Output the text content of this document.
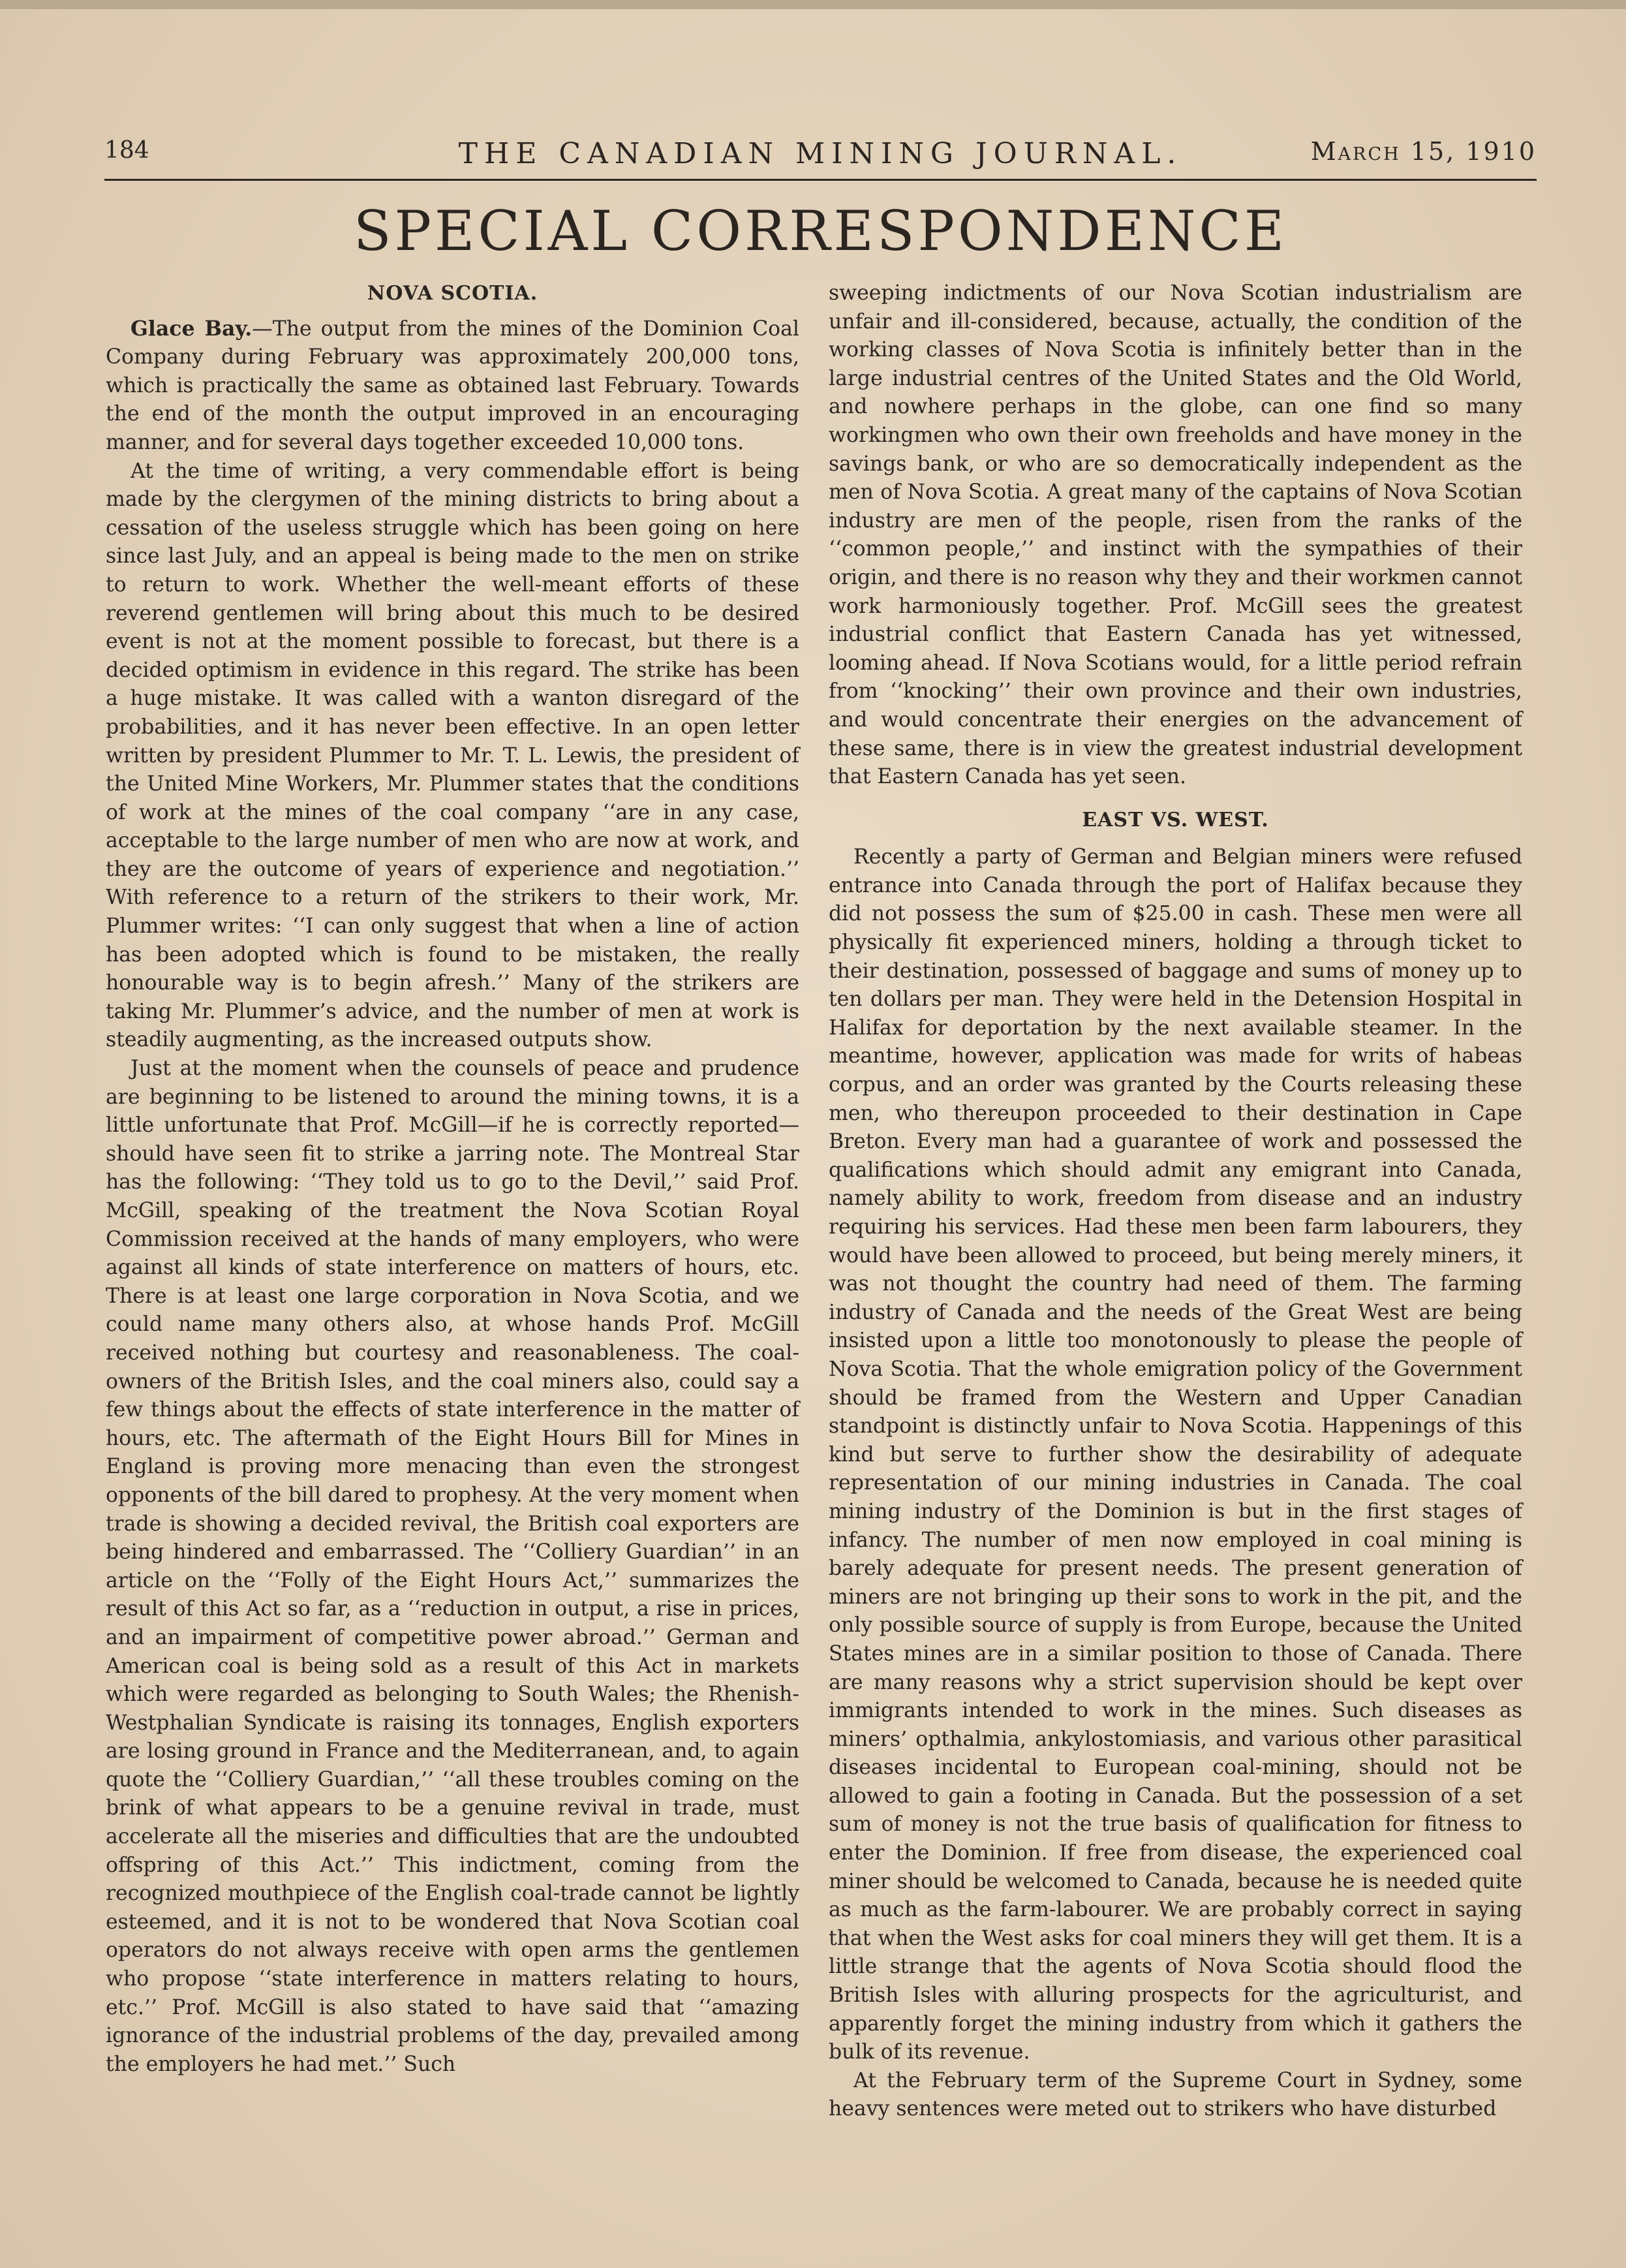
184	THE CANADIAN MINING JOURNAL.	March 15, 1910
SPECIAL CORRESPONDENCE
NOVA SCOTIA.

Glace Bay.—The output from the mines of the Dominion Coal Company during February was approximately 200,000 tons, which is practically the same as obtained last February. Towards the end of the month the output improved in an encouraging manner, and for several days together exceeded 10,000 tons.

At the time of writing, a very commendable effort is being made by the clergymen of the mining districts to bring about a cessation of the useless struggle which has been going on here since last July, and an appeal is being made to the men on strike to return to work. Whether the well-meant efforts of these reverend gentlemen will bring about this much to be desired event is not at the moment possible to forecast, but there is a decided optimism in evidence in this regard. The strike has been a huge mistake. It was called with a wanton disregard of the probabilities, and it has never been effective. In an open letter written by president Plummer to Mr. T. L. Lewis, the president of the United Mine Workers, Mr. Plummer states that the conditions of work at the mines of the coal company ‘‘are in any case, acceptable to the large number of men who are now at work, and they are the outcome of years of experience and negotiation.’’ With reference to a return of the strikers to their work, Mr. Plummer writes: ‘‘I can only suggest that when a line of action has been adopted which is found to be mistaken, the really honourable way is to begin afresh.’’ Many of the strikers are taking Mr. Plummer’s advice, and the number of men at work is steadily augmenting, as the increased outputs show.

Just at the moment when the counsels of peace and prudence are beginning to be listened to around the mining towns, it is a little unfortunate that Prof. McGill—if he is correctly reported—should have seen fit to strike a jarring note. The Montreal Star has the following: ‘‘They told us to go to the Devil,’’ said Prof. McGill, speaking of the treatment the Nova Scotian Royal Commission received at the hands of many employers, who were against all kinds of state interference on matters of hours, etc. There is at least one large corporation in Nova Scotia, and we could name many others also, at whose hands Prof. McGill received nothing but courtesy and reasonableness. The coal-owners of the British Isles, and the coal miners also, could say a few things about the effects of state interference in the matter of hours, etc. The aftermath of the Eight Hours Bill for Mines in England is proving more menacing than even the strongest opponents of the bill dared to prophesy. At the very moment when trade is showing a decided revival, the British coal exporters are being hindered and embarrassed. The ‘‘Colliery Guardian’’ in an article on the ‘‘Folly of the Eight Hours Act,’’ summarizes the result of this Act so far, as a ‘‘reduction in output, a rise in prices, and an impairment of competitive power abroad.’’ German and American coal is being sold as a result of this Act in markets which were regarded as belonging to South Wales; the Rhenish-Westphalian Syndicate is raising its tonnages, English exporters are losing ground in France and the Mediterranean, and, to again quote the ‘‘Colliery Guardian,’’ ‘‘all these troubles coming on the brink of what appears to be a genuine revival in trade, must accelerate all the miseries and difficulties that are the undoubted offspring of this Act.’’ This indictment, coming from the recognized mouthpiece of the English coal-trade cannot be lightly esteemed, and it is not to be wondered that Nova Scotian coal operators do not always receive with open arms the gentlemen who propose ‘‘state interference in matters relating to hours, etc.’’ Prof. McGill is also stated to have said that ‘‘amazing ignorance of the industrial problems of the day, prevailed among the employers he had met.’’ Such

sweeping indictments of our Nova Scotian industrialism are unfair and ill-considered, because, actually, the condition of the working classes of Nova Scotia is infinitely better than in the large industrial centres of the United States and the Old World, and nowhere perhaps in the globe, can one find so many workingmen who own their own freeholds and have money in the savings bank, or who are so democratically independent as the men of Nova Scotia. A great many of the captains of Nova Scotian industry are men of the people, risen from the ranks of the ‘‘common people,’’ and instinct with the sympathies of their origin, and there is no reason why they and their workmen cannot work harmoniously together. Prof. McGill sees the greatest industrial conflict that Eastern Canada has yet witnessed, looming ahead. If Nova Scotians would, for a little period refrain from ‘‘knocking’’ their own province and their own industries, and would concentrate their energies on the advancement of these same, there is in view the greatest industrial development that Eastern Canada has yet seen.

EAST VS. WEST.

Recently a party of German and Belgian miners were refused entrance into Canada through the port of Halifax because they did not possess the sum of $25.00 in cash. These men were all physically fit experienced miners, holding a through ticket to their destination, possessed of baggage and sums of money up to ten dollars per man. They were held in the Detension Hospital in Halifax for deportation by the next available steamer. In the meantime, however, application was made for writs of habeas corpus, and an order was granted by the Courts releasing these men, who thereupon proceeded to their destination in Cape Breton. Every man had a guarantee of work and possessed the qualifications which should admit any emigrant into Canada, namely ability to work, freedom from disease and an industry requiring his services. Had these men been farm labourers, they would have been allowed to proceed, but being merely miners, it was not thought the country had need of them. The farming industry of Canada and the needs of the Great West are being insisted upon a little too monotonously to please the people of Nova Scotia. That the whole emigration policy of the Government should be framed from the Western and Upper Canadian standpoint is distinctly unfair to Nova Scotia. Happenings of this kind but serve to further show the desirability of adequate representation of our mining industries in Canada. The coal mining industry of the Dominion is but in the first stages of infancy. The number of men now employed in coal mining is barely adequate for present needs. The present generation of miners are not bringing up their sons to work in the pit, and the only possible source of supply is from Europe, because the United States mines are in a similar position to those of Canada. There are many reasons why a strict supervision should be kept over immigrants intended to work in the mines. Such diseases as miners’ opthalmia, ankylostomiasis, and various other parasitical diseases incidental to European coal-mining, should not be allowed to gain a footing in Canada. But the possession of a set sum of money is not the true basis of qualification for fitness to enter the Dominion. If free from disease, the experienced coal miner should be welcomed to Canada, because he is needed quite as much as the farm-labourer. We are probably correct in saying that when the West asks for coal miners they will get them. It is a little strange that the agents of Nova Scotia should flood the British Isles with alluring prospects for the agriculturist, and apparently forget the mining industry from which it gathers the bulk of its revenue.

At the February term of the Supreme Court in Sydney, some heavy sentences were meted out to strikers who have disturbed
